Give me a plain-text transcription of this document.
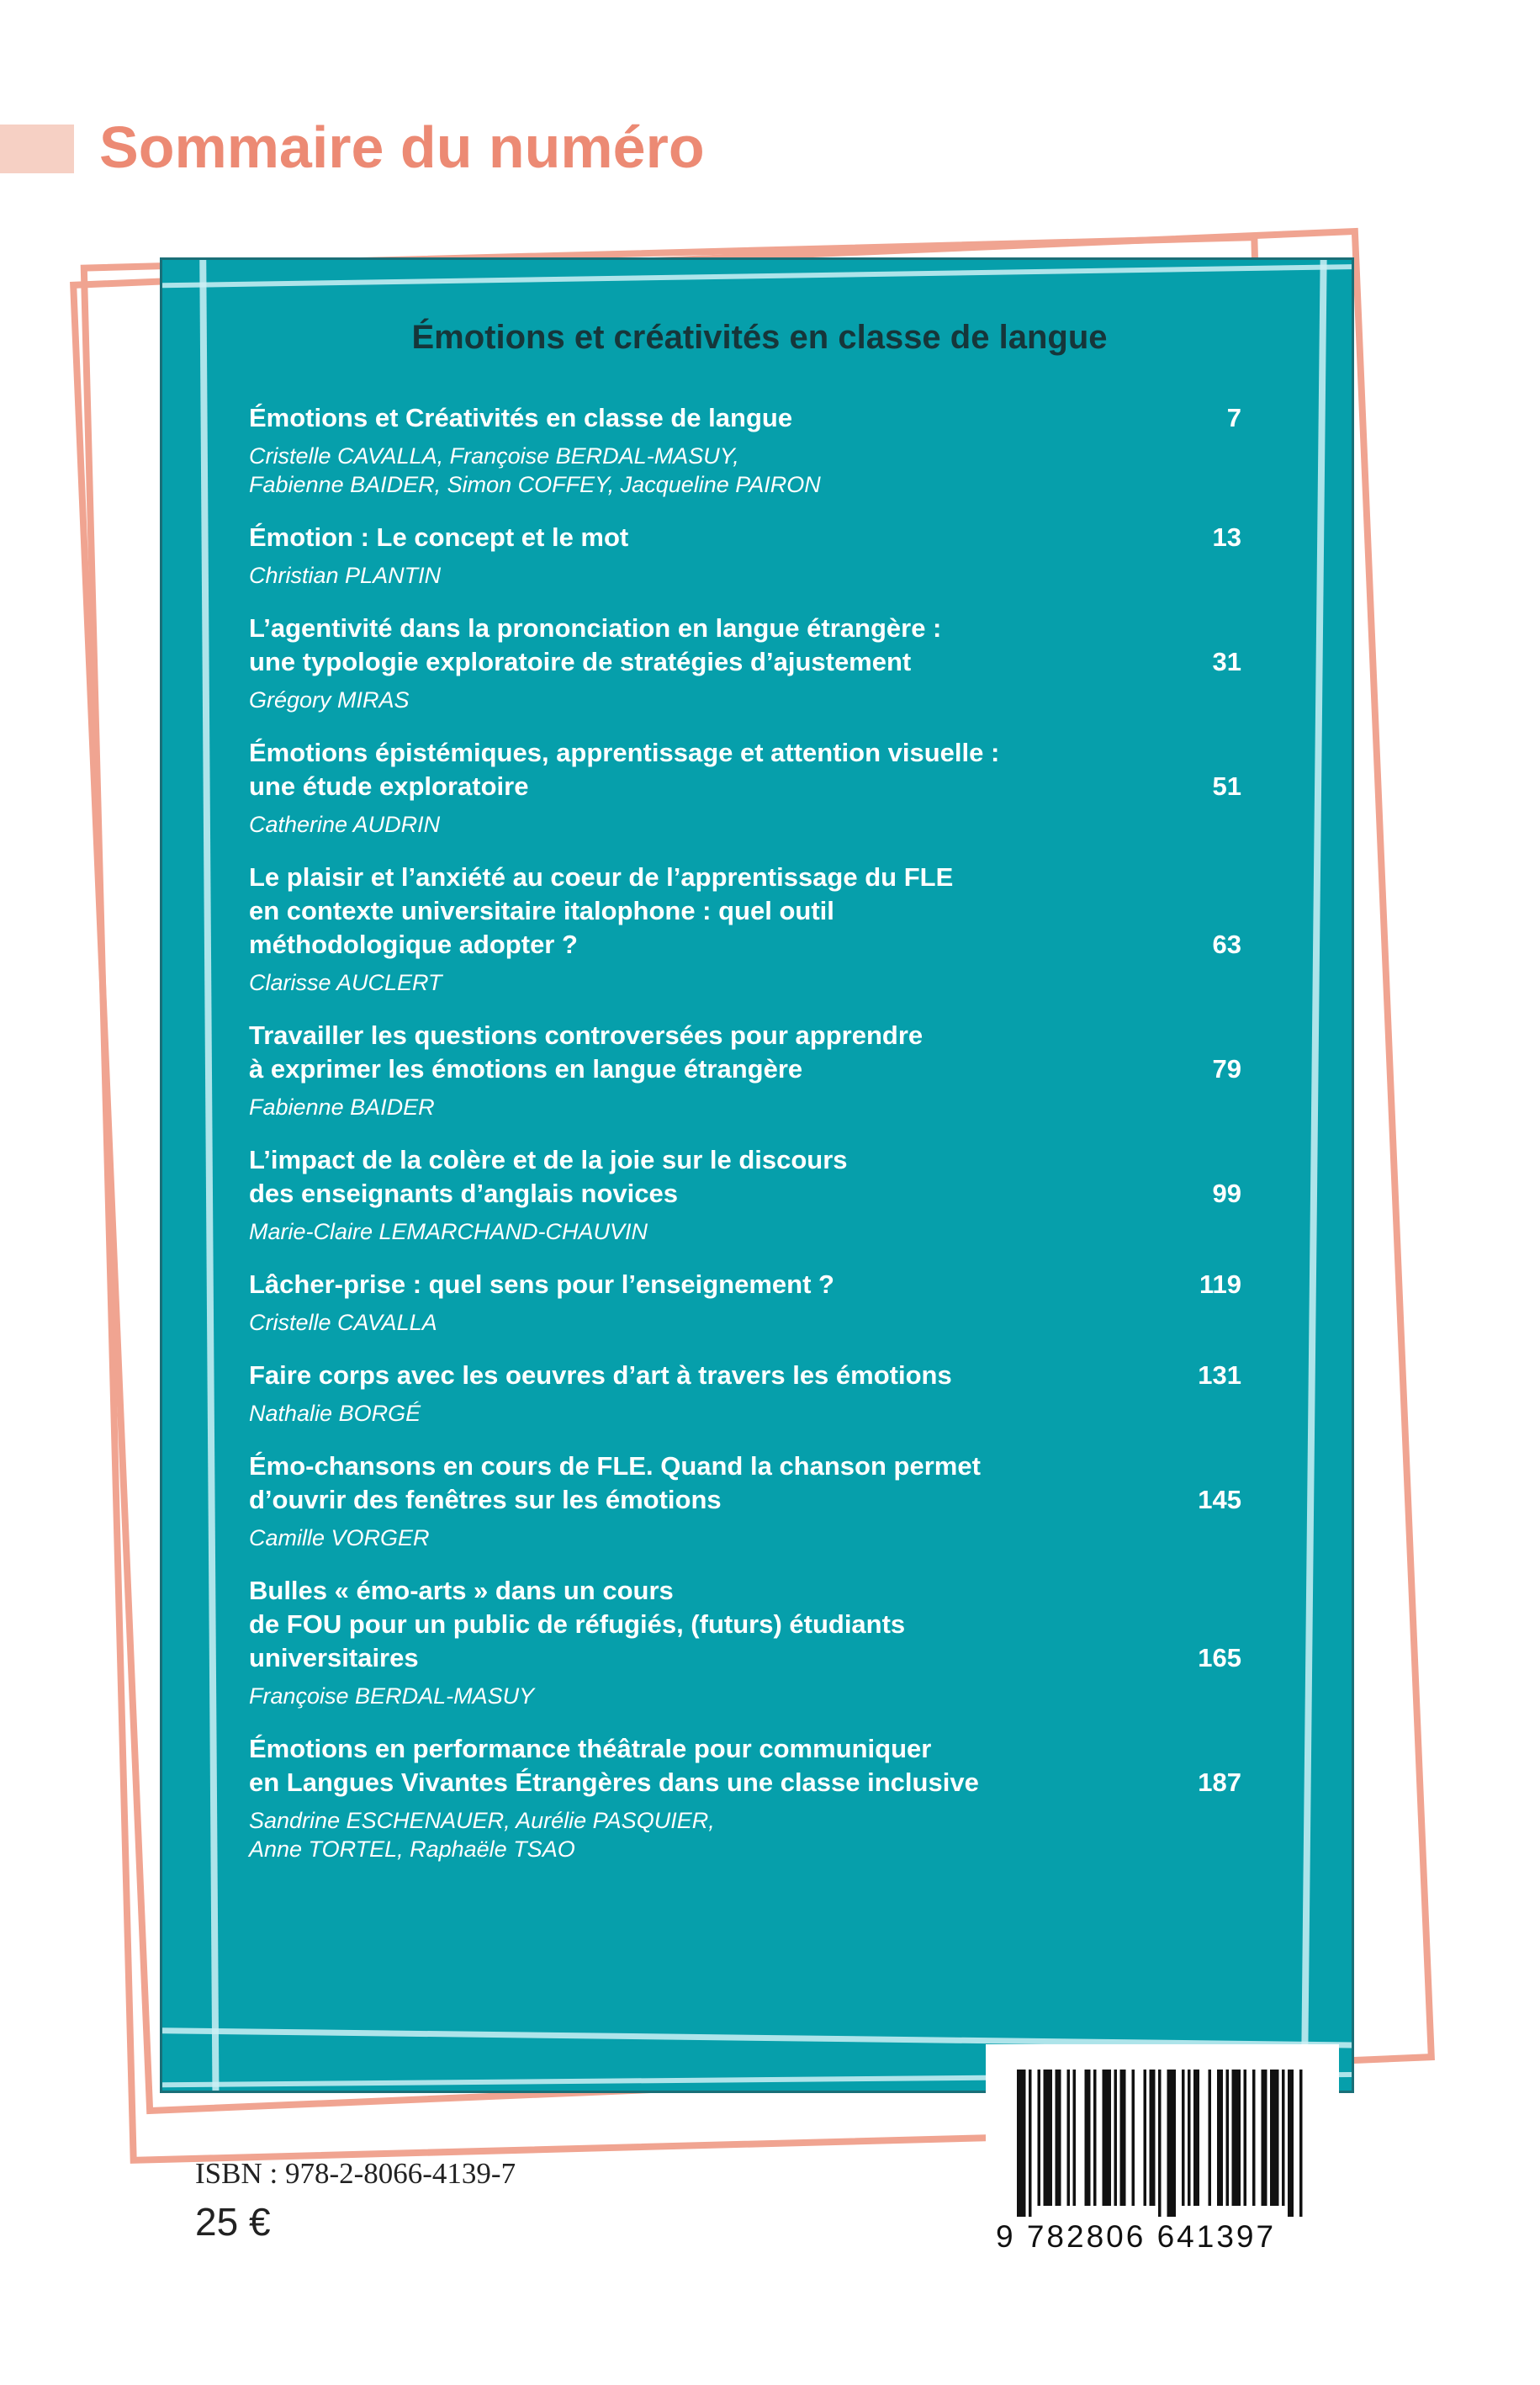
Sommaire du numéro
Émotions et créativités en classe de langue
Émotions et Créativités en classe de langue	7
Cristelle CAVALLA, Françoise BERDAL-MASUY,
Fabienne BAIDER, Simon COFFEY, Jacqueline PAIRON
Émotion : Le concept et le mot	13
Christian PLANTIN
L’agentivité dans la prononciation en langue étrangère :
une typologie exploratoire de stratégies d’ajustement	31
Grégory MIRAS
Émotions épistémiques, apprentissage et attention visuelle :
une étude exploratoire	51
Catherine AUDRIN
Le plaisir et l’anxiété au coeur de l’apprentissage du FLE
en contexte universitaire italophone : quel outil
méthodologique adopter ?	63
Clarisse AUCLERT
Travailler les questions controversées pour apprendre
à exprimer les émotions en langue étrangère	79
Fabienne BAIDER
L’impact de la colère et de la joie sur le discours
des enseignants d’anglais novices	99
Marie-Claire LEMARCHAND-CHAUVIN
Lâcher-prise : quel sens pour l’enseignement ?	119
Cristelle CAVALLA
Faire corps avec les oeuvres d’art à travers les émotions	131
Nathalie BORGÉ
Émo-chansons en cours de FLE. Quand la chanson permet
d’ouvrir des fenêtres sur les émotions	145
Camille VORGER
Bulles « émo-arts » dans un cours
de FOU pour un public de réfugiés, (futurs) étudiants
universitaires	165
Françoise BERDAL-MASUY
Émotions en performance théâtrale pour communiquer
en Langues Vivantes Étrangères dans une classe inclusive	187
Sandrine ESCHENAUER, Aurélie PASQUIER,
Anne TORTEL, Raphaële TSAO
9 782806 641397
ISBN : 978-2-8066-4139-7
25 €
